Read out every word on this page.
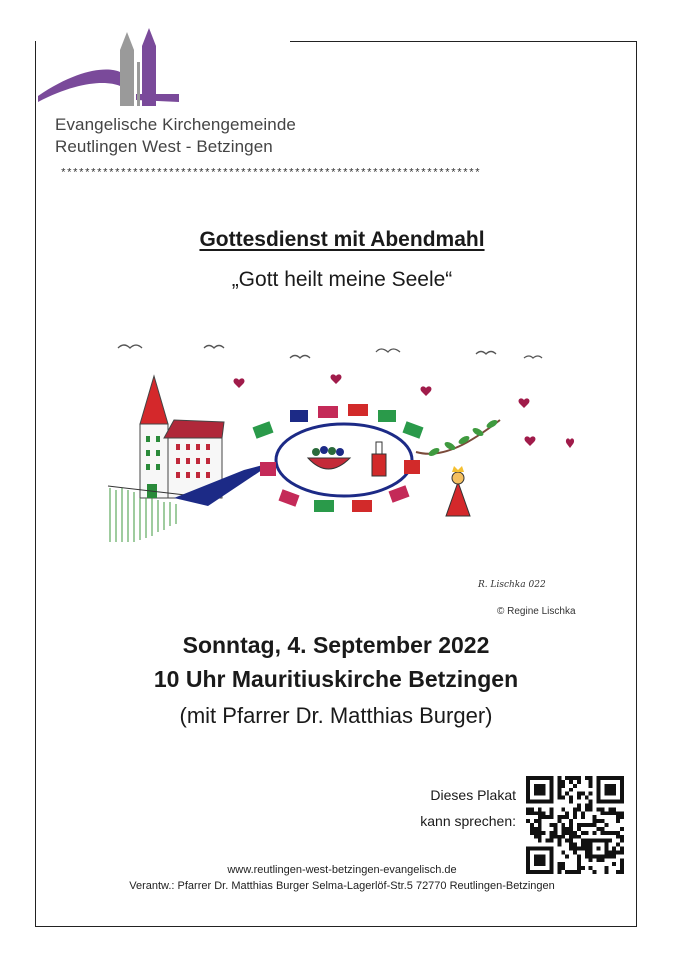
Evangelische Kirchengemeinde
Reutlingen West - Betzingen
**********************************************************************
Gottesdienst mit Abendmahl
„Gott heilt meine Seele“
R. Lischka 022
© Regine Lischka
Sonntag, 4. September 2022
10 Uhr Mauritiuskirche Betzingen
(mit Pfarrer Dr. Matthias Burger)
Dieses Plakat
kann sprechen:
www.reutlingen-west-betzingen-evangelisch.de
Verantw.: Pfarrer Dr. Matthias Burger Selma-Lagerlöf-Str.5 72770 Reutlingen-Betzingen
